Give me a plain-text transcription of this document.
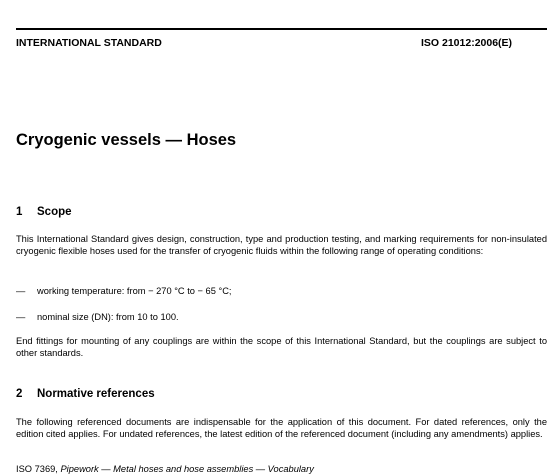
INTERNATIONAL STANDARD	ISO 21012:2006(E)
Cryogenic vessels — Hoses
1 Scope

This International Standard gives design, construction, type and production testing, and marking requirements for non-insulated cryogenic flexible hoses used for the transfer of cryogenic fluids within the following range of operating conditions:

— working temperature: from − 270 °C to − 65 °C;
— nominal size (DN): from 10 to 100.

End fittings for mounting of any couplings are within the scope of this International Standard, but the couplings are subject to other standards.

2 Normative references

The following referenced documents are indispensable for the application of this document. For dated references, only the edition cited applies. For undated references, the latest edition of the referenced document (including any amendments) applies.

ISO 7369, Pipework — Metal hoses and hose assemblies — Vocabulary
